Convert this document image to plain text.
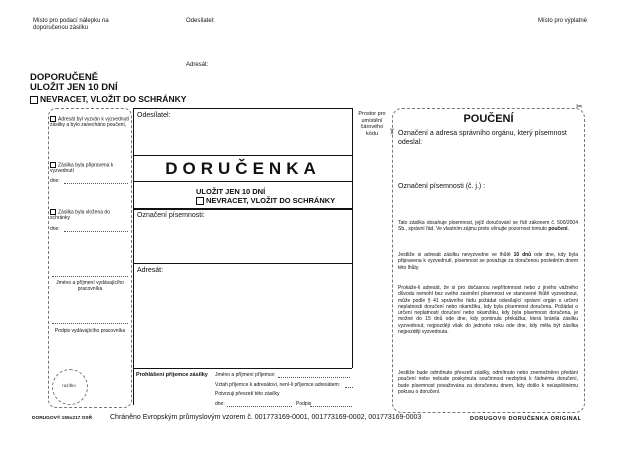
Místo pro podací nálepku na doporučenou zásilku
Odesílatel:	Místo pro výplatné
Adresát:
DOPORUČENĚ
ULOŽIT JEN 10 DNÍ
NEVRACET, VLOŽIT DO SCHRÁNKY
Adresát byl vyzván k vyzvednutí zásilky a bylo zanecháno poučení,
Zásilka byla připravena k vyzvednutí
dne:
Zásilka byla vložena do schránky
dne:
Jméno a příjmení vydávajícího pracovníka
Podpis vydávajícího pracovníka
razítko
Odesílatel:
DORUČENKA
ULOŽIT JEN 10 DNÍ
NEVRACET, VLOŽIT DO SCHRÁNKY
Označení písemnosti:
Adresát:
Prostor pro umístění čárového kódu	✂
✂
Prohlášení příjemce zásilky Jméno a příjmení příjemce:
Vztah příjemce k adresátovi, není-li příjemce adresátem:
Potvrzuji převzetí této zásilky
dne:	Podpis
POUČENÍ
Označení a adresa správního orgánu, který písemnost odeslal:
Označení písemnosti (č. j.) :
Tato zásilka obsahuje písemnost, jejíž doručování se řídí zákonem č. 500/2004 Sb., správní řád. Ve vlastním zájmu proto věnujte pozornost tomuto poučení.
Jestliže si adresát zásilku nevyzvedne ve lhůtě 10 dnů ode dne, kdy byla připravena k vyzvednutí, písemnost se považuje za doručenou posledním dnem této lhůty.
Prokáže-li adresát, že si pro dočasnou nepřítomnost nebo z jiného vážného důvodu nemohl bez svého zavinění písemnost ve stanovené lhůtě vyzvednout, může podle § 41 správního řádu požádat odesílající správní orgán o určení neplatnosti doručení nebo okamžiku, kdy byla písemnost doručena. Požádat o určení neplatnosti doručení nebo okamžiku, kdy byla písemnost doručena, je možné do 15 dnů ode dne, kdy pominula překážka, která bránila zásilku vyzvednout, nejpozději však do jednoho roku ode dne, kdy měla být zásilka nejpozději vyzvednuta.
Jestliže bude odmítnuto převzetí zásilky, odmítnuto nebo znemožněno předání poučení nebo nebude poskytnuta součinnost nezbytná k řádnému doručení, bude písemnost považována za doručenou dnem, kdy došlo k neúspěšnému pokusu o doručení.
DORUGOV® 155x217 OSŘ	Chráněno Evropským průmyslovým vzorem č. 001773169-0001, 001773169-0002, 001773169-0003	DORUGOV® DORUČENKA ORIGINAL
